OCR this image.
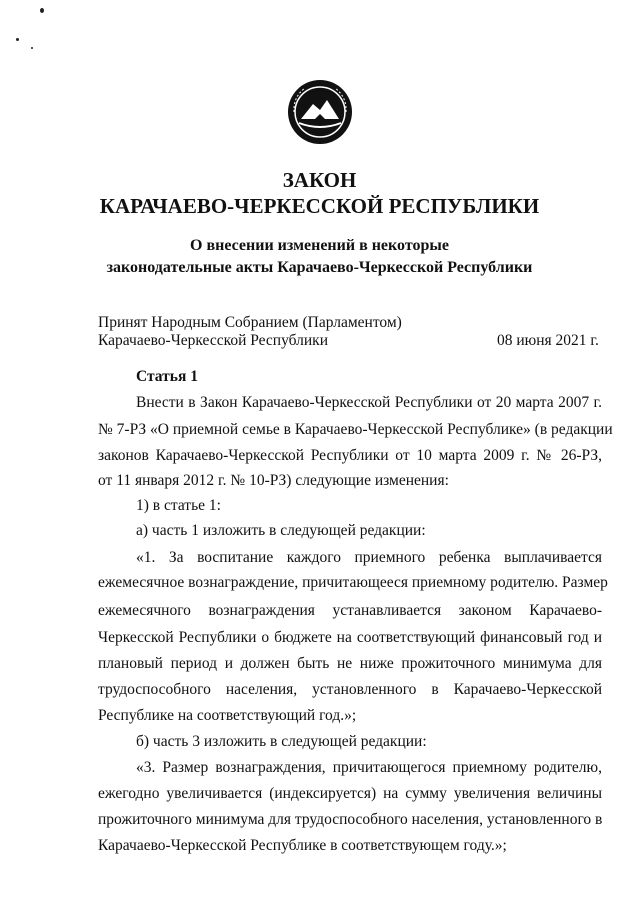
ЗАКОН
КАРАЧАЕВО-ЧЕРКЕССКОЙ РЕСПУБЛИКИ
О внесении изменений в некоторые
законодательные акты Карачаево-Черкесской Республики
Принят Народным Собранием (Парламентом)
Карачаево-Черкесской Республики	08 июня 2021 г.
Статья 1
Внести в Закон Карачаево-Черкесской Республики от 20 марта 2007 г.
№ 7-РЗ «О приемной семье в Карачаево-Черкесской Республике» (в редакции
законов Карачаево-Черкесской Республики от 10 марта 2009 г. № 26-РЗ,
от 11 января 2012 г. № 10-РЗ) следующие изменения:
1) в статье 1:
а) часть 1 изложить в следующей редакции:
«1. За воспитание каждого приемного ребенка выплачивается
ежемесячное вознаграждение, причитающееся приемному родителю. Размер
ежемесячного вознаграждения устанавливается законом Карачаево-
Черкесской Республики о бюджете на соответствующий финансовый год и
плановый период и должен быть не ниже прожиточного минимума для
трудоспособного населения, установленного в Карачаево-Черкесской
Республике на соответствующий год.»;
б) часть 3 изложить в следующей редакции:
«3. Размер вознаграждения, причитающегося приемному родителю,
ежегодно увеличивается (индексируется) на сумму увеличения величины
прожиточного минимума для трудоспособного населения, установленного в
Карачаево-Черкесской Республике в соответствующем году.»;
